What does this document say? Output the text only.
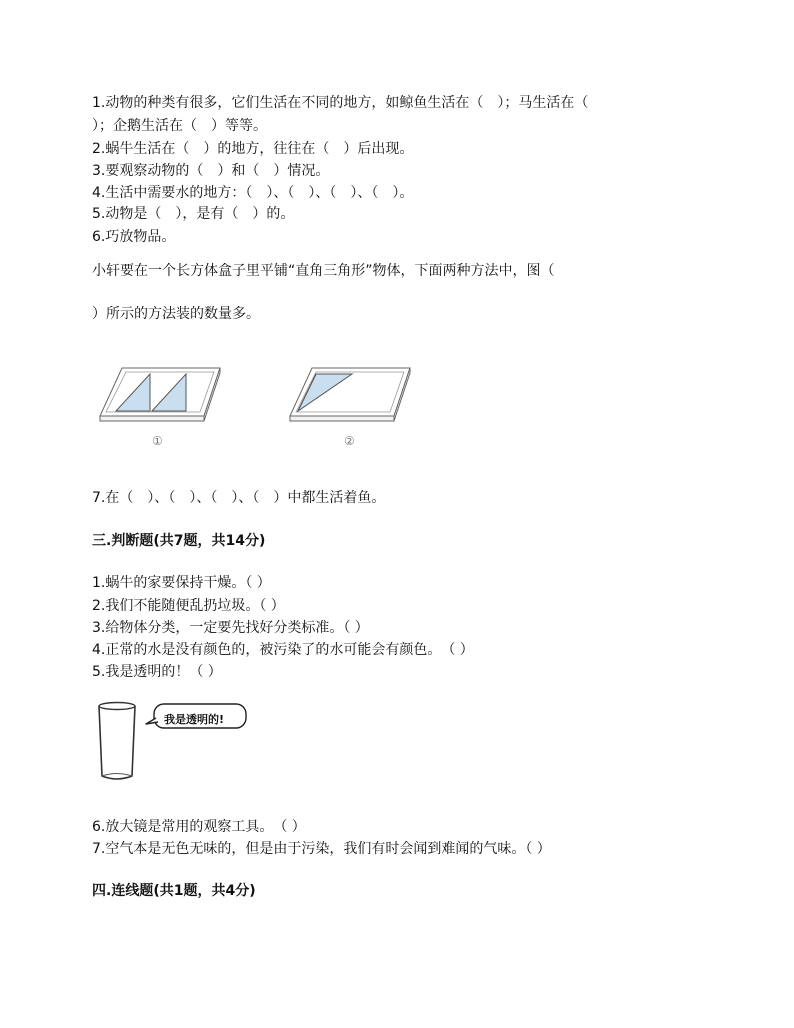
1.动物的种类有很多，它们生活在不同的地方，如鲸鱼生活在（　）；马生活在（
）；企鹅生活在（　）等等。
2.蜗牛生活在（　）的地方，往往在（　）后出现。
3.要观察动物的（　）和（　）情况。
4.生活中需要水的地方：（　）、（　）、（　）、（　）。
5.动物是（　），是有（　）的。
6.巧放物品。
小轩要在一个长方体盒子里平铺“直角三角形”物体，下面两种方法中，图（
）所示的方法装的数量多。
①	②
7.在（　）、（　）、（　）、（　）中都生活着鱼。
三.判断题(共7题，共14分)
1.蜗牛的家要保持干燥。（ ）
2.我们不能随便乱扔垃圾。（ ）
3.给物体分类，一定要先找好分类标准。（ ）
4.正常的水是没有颜色的，被污染了的水可能会有颜色。　（ ）
5.我是透明的！（ ）
我是透明的!
6.放大镜是常用的观察工具。　（ ）
7.空气本是无色无味的，但是由于污染，我们有时会闻到难闻的气味。（ ）
四.连线题(共1题，共4分)
